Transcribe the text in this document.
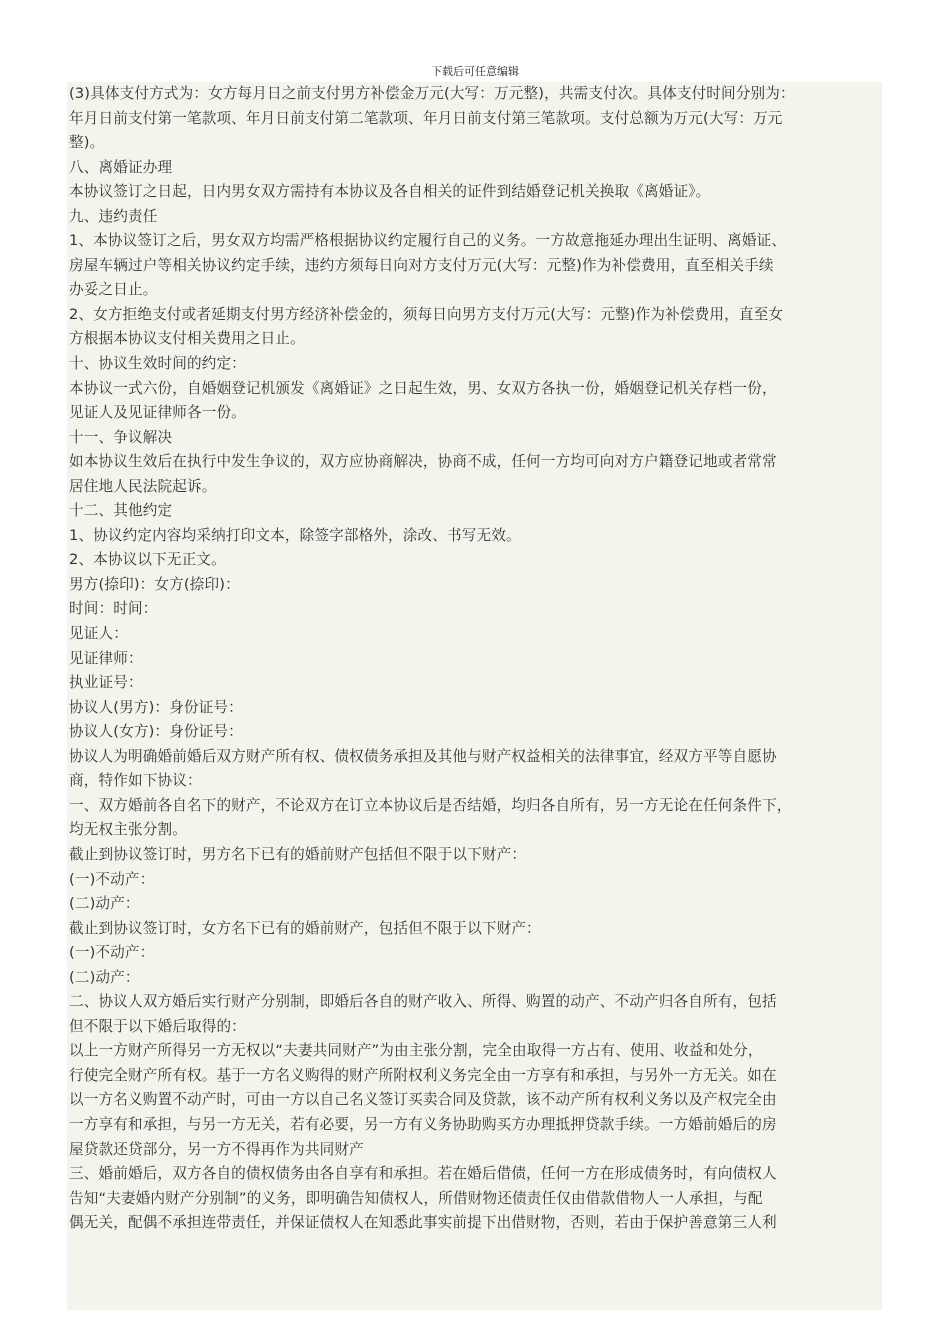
下载后可任意编辑
(3)具体支付方式为：女方每月日之前支付男方补偿金万元(大写：万元整)，共需支付次。具体支付时间分别为：
年月日前支付第一笔款项、年月日前支付第二笔款项、年月日前支付第三笔款项。支付总额为万元(大写：万元
整)。
八、离婚证办理
本协议签订之日起，日内男女双方需持有本协议及各自相关的证件到结婚登记机关换取《离婚证》。
九、违约责任
1、本协议签订之后，男女双方均需严格根据协议约定履行自己的义务。一方故意拖延办理出生证明、离婚证、
房屋车辆过户等相关协议约定手续，违约方须每日向对方支付万元(大写：元整)作为补偿费用，直至相关手续
办妥之日止。
2、女方拒绝支付或者延期支付男方经济补偿金的，须每日向男方支付万元(大写：元整)作为补偿费用，直至女
方根据本协议支付相关费用之日止。
十、协议生效时间的约定：
本协议一式六份，自婚姻登记机颁发《离婚证》之日起生效，男、女双方各执一份，婚姻登记机关存档一份，
见证人及见证律师各一份。
十一、争议解决
如本协议生效后在执行中发生争议的，双方应协商解决，协商不成，任何一方均可向对方户籍登记地或者常常
居住地人民法院起诉。
十二、其他约定
1、协议约定内容均采纳打印文本，除签字部格外，涂改、书写无效。
2、本协议以下无正文。
男方(捺印)：女方(捺印)：
时间：时间：
见证人：
见证律师：
执业证号：
协议人(男方)：身份证号：
协议人(女方)：身份证号：
协议人为明确婚前婚后双方财产所有权、债权债务承担及其他与财产权益相关的法律事宜，经双方平等自愿协
商，特作如下协议：
一、双方婚前各自名下的财产，不论双方在订立本协议后是否结婚，均归各自所有，另一方无论在任何条件下，
均无权主张分割。
截止到协议签订时，男方名下已有的婚前财产包括但不限于以下财产：
(一)不动产：
(二)动产：
截止到协议签订时，女方名下已有的婚前财产，包括但不限于以下财产：
(一)不动产：
(二)动产：
二、协议人双方婚后实行财产分别制，即婚后各自的财产收入、所得、购置的动产、不动产归各自所有，包括
但不限于以下婚后取得的：
以上一方财产所得另一方无权以“夫妻共同财产”为由主张分割，完全由取得一方占有、使用、收益和处分，
行使完全财产所有权。基于一方名义购得的财产所附权利义务完全由一方享有和承担，与另外一方无关。如在
以一方名义购置不动产时，可由一方以自己名义签订买卖合同及贷款，该不动产所有权利义务以及产权完全由
一方享有和承担，与另一方无关，若有必要，另一方有义务协助购买方办理抵押贷款手续。一方婚前婚后的房
屋贷款还贷部分，另一方不得再作为共同财产
三、婚前婚后，双方各自的债权债务由各自享有和承担。若在婚后借债，任何一方在形成债务时，有向债权人
告知“夫妻婚内财产分别制”的义务，即明确告知债权人，所借财物还债责任仅由借款借物人一人承担，与配
偶无关，配偶不承担连带责任，并保证债权人在知悉此事实前提下出借财物，否则，若由于保护善意第三人利
